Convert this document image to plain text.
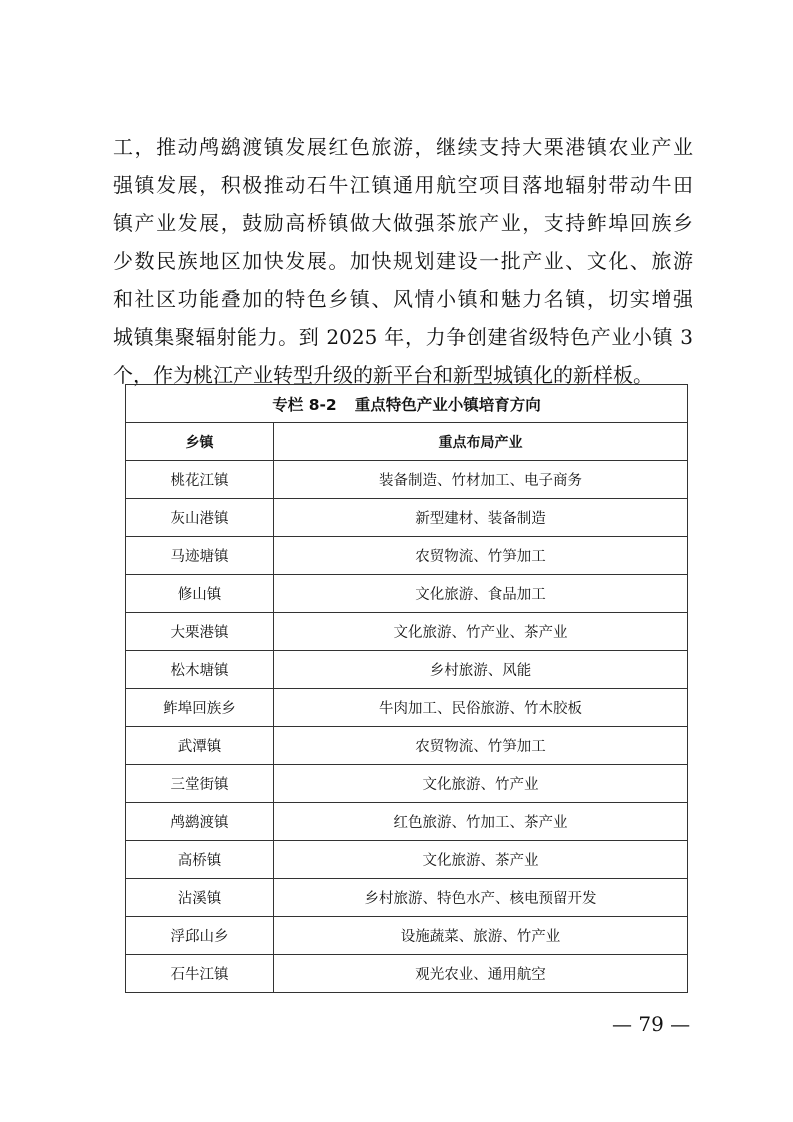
工，推动鸬鹚渡镇发展红色旅游，继续支持大栗港镇农业产业
强镇发展，积极推动石牛江镇通用航空项目落地辐射带动牛田
镇产业发展，鼓励高桥镇做大做强茶旅产业，支持鲊埠回族乡
少数民族地区加快发展。加快规划建设一批产业、文化、旅游
和社区功能叠加的特色乡镇、风情小镇和魅力名镇，切实增强
城镇集聚辐射能力。到 2025 年，力争创建省级特色产业小镇 3
个，作为桃江产业转型升级的新平台和新型城镇化的新样板。
专栏 8-2 重点特色产业小镇培育方向	
乡镇	重点布局产业
桃花江镇	装备制造、竹材加工、电子商务
灰山港镇	新型建材、装备制造
马迹塘镇	农贸物流、竹笋加工
修山镇	文化旅游、食品加工
大栗港镇	文化旅游、竹产业、茶产业
松木塘镇	乡村旅游、风能
鲊埠回族乡	牛肉加工、民俗旅游、竹木胶板
武潭镇	农贸物流、竹笋加工
三堂街镇	文化旅游、竹产业
鸬鹚渡镇	红色旅游、竹加工、茶产业
高桥镇	文化旅游、茶产业
沾溪镇	乡村旅游、特色水产、核电预留开发
浮邱山乡	设施蔬菜、旅游、竹产业
石牛江镇	观光农业、通用航空
— 79 —
